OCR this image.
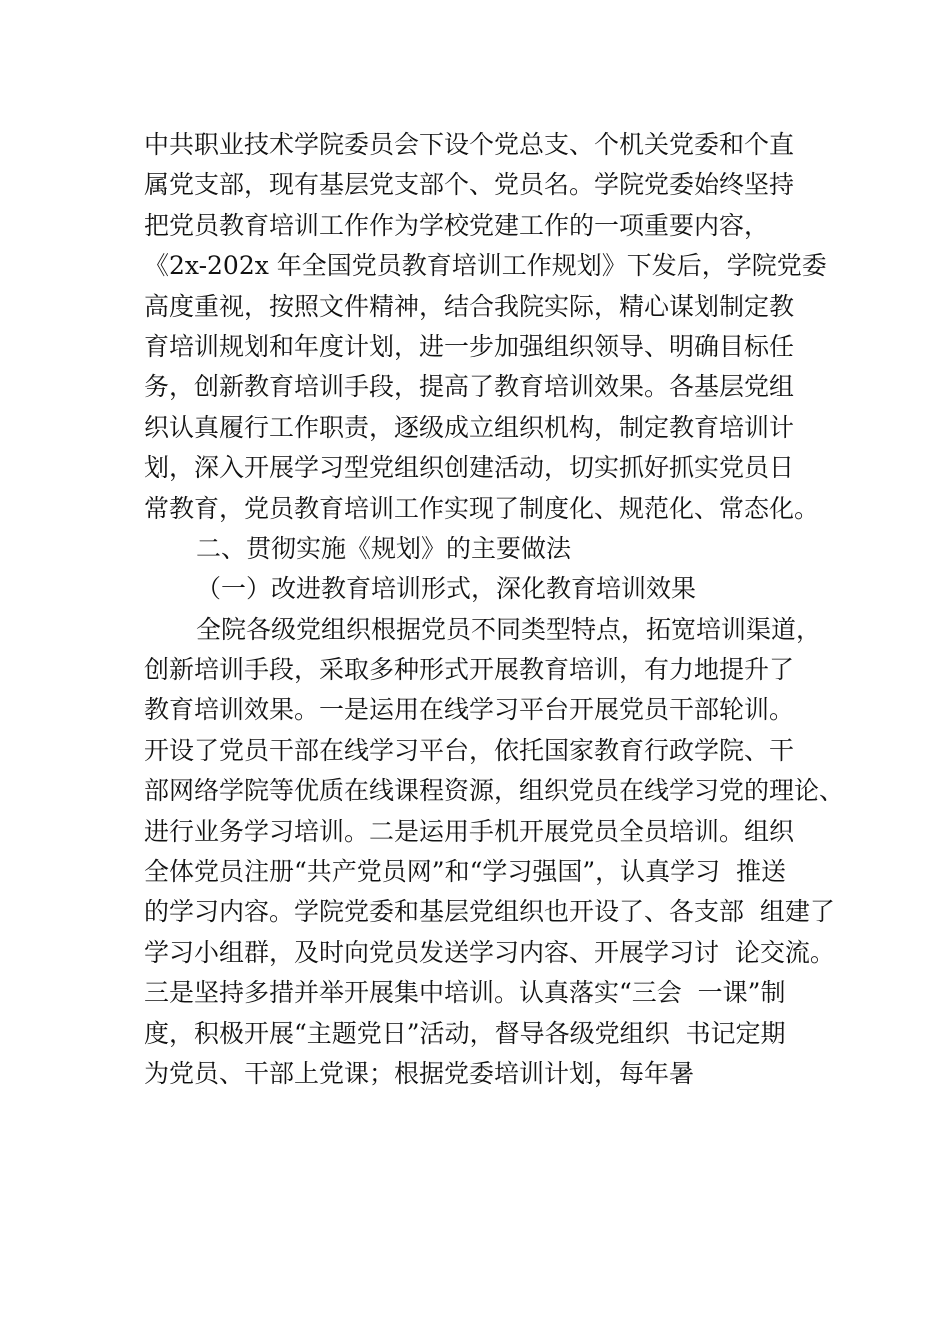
中共职业技术学院委员会下设个党总支、个机关党委和个直
属党支部，现有基层党支部个、党员名。学院党委始终坚持
把党员教育培训工作作为学校党建工作的一项重要内容，
《2x-202x 年全国党员教育培训工作规划》下发后，学院党委
高度重视，按照文件精神，结合我院实际，精心谋划制定教
育培训规划和年度计划，进一步加强组织领导、明确目标任
务，创新教育培训手段，提高了教育培训效果。各基层党组
织认真履行工作职责，逐级成立组织机构，制定教育培训计
划，深入开展学习型党组织创建活动，切实抓好抓实党员日
常教育，党员教育培训工作实现了制度化、规范化、常态化。
二、贯彻实施《规划》的主要做法
（一）改进教育培训形式，深化教育培训效果
全院各级党组织根据党员不同类型特点，拓宽培训渠道，
创新培训手段，采取多种形式开展教育培训，有力地提升了
教育培训效果。一是运用在线学习平台开展党员干部轮训。
开设了党员干部在线学习平台，依托国家教育行政学院、干
部网络学院等优质在线课程资源，组织党员在线学习党的理论、
进行业务学习培训。二是运用手机开展党员全员培训。组织
全体党员注册“共产党员网”和“学习强国”，认真学习  推送
的学习内容。学院党委和基层党组织也开设了、各支部  组建了
学习小组群，及时向党员发送学习内容、开展学习讨  论交流。
三是坚持多措并举开展集中培训。认真落实“三会  一课”制
度，积极开展“主题党日”活动，督导各级党组织  书记定期
为党员、干部上党课；根据党委培训计划，每年暑
